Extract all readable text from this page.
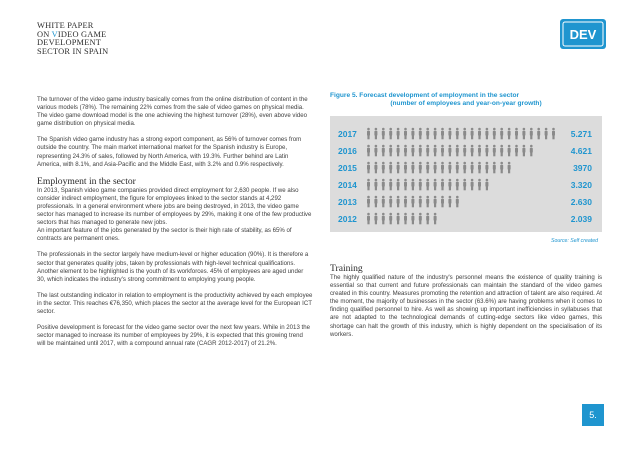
WHITE PAPER
ON VIDEO GAME
DEVELOPMENT
SECTOR IN SPAIN
DEV

The turnover of the video game industry basically comes from the online distribution of content in the various models (78%). The remaining 22% comes from the sale of video games on physical media. The video game download model is the one achieving the highest turnover (28%), even above video game distribution on physical media.

The Spanish video game industry has a strong export component, as 56% of turnover comes from outside the country. The main market international market for the Spanish industry is Europe, representing 24.3% of sales, followed by North America, with 19.3%. Further behind are Latin America, with 8.1%, and Asia-Pacific and the Middle East, with 3.2% and 0.9% respectively.

Employment in the sector

In 2013, Spanish video game companies provided direct employment for 2,630 people. If we also consider indirect employment, the figure for employees linked to the sector stands at 4,292 professionals. In a general environment where jobs are being destroyed, in 2013, the video game sector has managed to increase its number of employees by 29%, making it one of the few productive sectors that has managed to generate new jobs.

An important feature of the jobs generated by the sector is their high rate of stability, as 65% of contracts are permanent ones.

The professionals in the sector largely have medium-level or higher education (90%). It is therefore a sector that generates quality jobs, taken by professionals with high-level technical qualifications. Another element to be highlighted is the youth of its workforces. 45% of employees are aged under 30, which indicates the industry's strong commitment to employing young people.

The last outstanding indicator in relation to employment is the productivity achieved by each employee in the sector. This reaches €76,350, which places the sector at the average level for the European ICT sector.

Positive development is forecast for the video game sector over the next few years. While in 2013 the sector managed to increase its number of employees by 29%, it is expected that this growing trend will be maintained until 2017, with a compound annual rate (CAGR 2012-2017) of 21.2%.

Figure 5. Forecast development of employment in the sector
(number of employees and year-on-year growth)
2017	5.271
2016	4.621
2015	3970
2014	3.320
2013	2.630
2012	2.039
Source: Self created
Training

The highly qualified nature of the industry's personnel means the existence of quality training is essential so that current and future professionals can maintain the standard of the video games created in this country. Measures promoting the retention and attraction of talent are also required. At the moment, the majority of businesses in the sector (63.6%) are having problems when it comes to finding qualified personnel to hire. As well as showing up important inefficiencies in syllabuses that are not adapted to the technological demands of cutting-edge sectors like video games, this shortage can halt the growth of this industry, which is highly dependent on the specialisation of its workers.

5.
